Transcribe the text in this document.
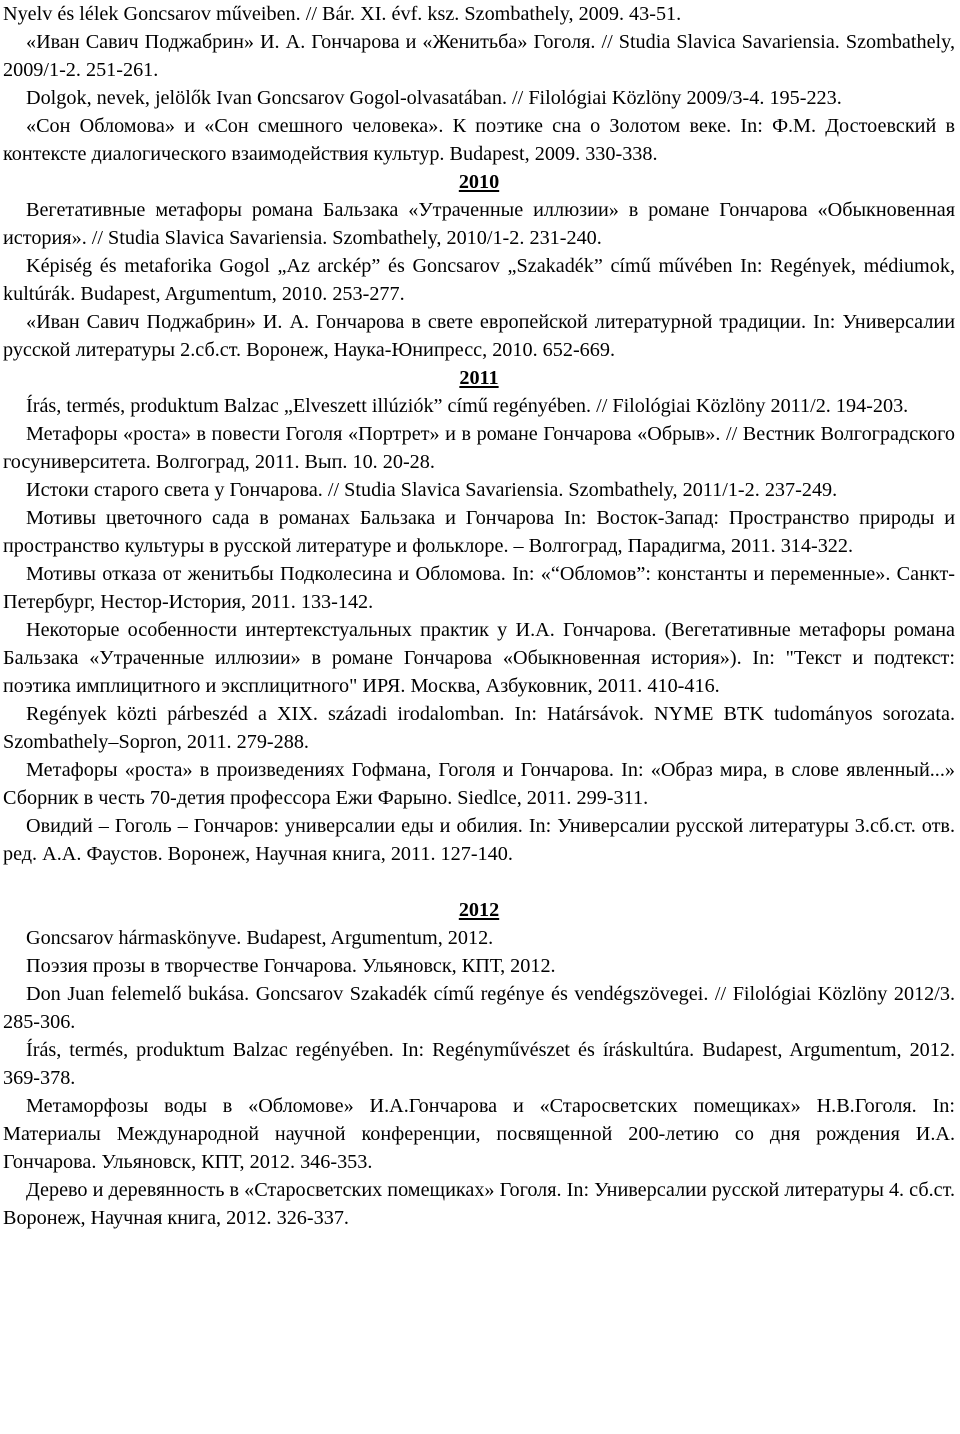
Nyelv és lélek Goncsarov műveiben. // Bár. XI. évf. ksz. Szombathely, 2009. 43-51.

«Иван Савич Поджабрин» И. А. Гончарова и «Женитьба» Гоголя. // Studia Slavica Savariensia. Szombathely, 2009/1-2. 251-261.

Dolgok, nevek, jelölők Ivan Goncsarov Gogol-olvasatában. // Filológiai Közlöny 2009/3-4. 195-223.

«Сон Обломова» и «Сон смешного человека». К поэтике сна о Золотом веке. In: Ф.М. Достоевский в контексте диалогического взаимодействия культур. Budapest, 2009. 330-338.

2010

Вегетативные метафоры романа Бальзака «Утраченные иллюзии» в романе Гончарова «Обыкновенная история». // Studia Slavica Savariensia. Szombathely, 2010/1-2. 231-240.

Képiség és metaforika Gogol „Az arckép” és Goncsarov „Szakadék” című művében In: Regények, médiumok, kultúrák. Budapest, Argumentum, 2010. 253-277.

«Иван Савич Поджабрин» И. А. Гончарова в свете европейской литературной традиции. In: Универсалии русской литературы 2.сб.ст. Воронеж, Наука-Юнипресс, 2010. 652-669.

2011

Írás, termés, produktum Balzac „Elveszett illúziók” című regényében. // Filológiai Közlöny 2011/2. 194-203.

Метафоры «роста» в повести Гоголя «Портрет» и в романе Гончарова «Обрыв». // Вестник Волгоградского госуниверситета. Волгоград, 2011. Вып. 10. 20-28.

Истоки старого света у Гончарова. // Studia Slavica Savariensia. Szombathely, 2011/1-2. 237-249.

Мотивы цветочного сада в романах Бальзака и Гончарова In: Восток-Запад: Пространство природы и пространство культуры в русской литературе и фольклоре. – Волгоград, Парадигма, 2011. 314-322.

Мотивы отказа от женитьбы Подколесина и Обломова. In: «“Обломов”: константы и переменные». Санкт-Петербург, Нестор-История, 2011. 133-142.

Некоторые особенности интертекстуальных практик у И.А. Гончарова. (Вегетативные метафоры романа Бальзака «Утраченные иллюзии» в романе Гончарова «Обыкновенная история»). In: "Текст и подтекст: поэтика имплицитного и эксплицитного" ИРЯ. Москва, Азбуковник, 2011. 410-416.

Regények közti párbeszéd a XIX. századi irodalomban. In: Határsávok. NYME BTK tudományos sorozata. Szombathely–Sopron, 2011. 279-288.

Метафоры «роста» в произведениях Гофмана, Гоголя и Гончарова. In: «Образ мира, в слове явленный...» Сборник в честь 70-детия профессора Ежи Фарыно. Siedlce, 2011. 299-311.

Овидий – Гоголь – Гончаров: универсалии еды и обилия. In: Универсалии русской литературы 3.сб.ст. отв. ред. А.А. Фаустов. Воронеж, Научная книга, 2011. 127-140.

2012

Goncsarov hármaskönyve. Budapest, Argumentum, 2012.

Поэзия прозы в творчестве Гончарова. Ульяновск, КПТ, 2012.

Don Juan felemelő bukása. Goncsarov Szakadék című regénye és vendégszövegei. // Filológiai Közlöny 2012/3. 285-306.

Írás, termés, produktum Balzac regényében. In: Regényművészet és íráskultúra. Budapest, Argumentum, 2012. 369-378.

Метаморфозы воды в «Обломове» И.А.Гончарова и «Старосветских помещиках» Н.В.Гоголя. In: Материалы Международной научной конференции, посвященной 200-летию со дня рождения И.А. Гончарова. Ульяновск, КПТ, 2012. 346-353.

Дерево и деревянность в «Старосветских помещиках» Гоголя. In: Универсалии русской литературы 4. сб.ст. Воронеж, Научная книга, 2012. 326-337.
